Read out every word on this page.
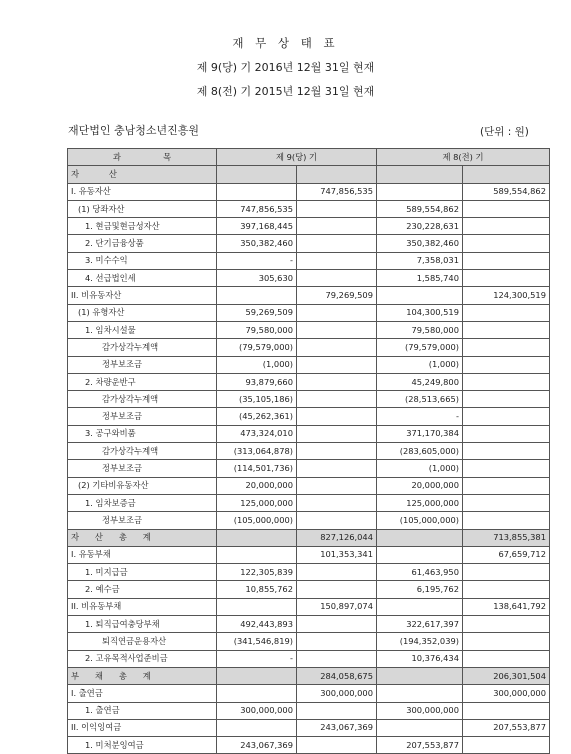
재 무 상 태 표
제 9(당) 기 2016년 12월 31일 현재
제 8(전) 기 2015년 12월 31일 현재
재단법인 충남청소년진흥원	(단위 : 원)
과                목	제 9(당) 기		제 8(전) 기	
자      산				
I. 유동자산		747,856,535		589,554,862
(1) 당좌자산	747,856,535		589,554,862	
1. 현금및현금성자산	397,168,445		230,228,631	
2. 단기금융상품	350,382,460		350,382,460	
3. 미수수익	-		7,358,031	
4. 선급법인세	305,630		1,585,740	
II. 비유동자산		79,269,509		124,300,519
(1) 유형자산	59,269,509		104,300,519	
1. 임차시설물	79,580,000		79,580,000	
감가상각누계액	(79,579,000)		(79,579,000)	
정부보조금	(1,000)		(1,000)	
2. 차량운반구	93,879,660		45,249,800	
감가상각누계액	(35,105,186)		(28,513,665)	
정부보조금	(45,262,361)		-	
3. 공구와비품	473,324,010		371,170,384	
감가상각누계액	(313,064,878)		(283,605,000)	
정부보조금	(114,501,736)		(1,000)	
(2) 기타비유동자산	20,000,000		20,000,000	
1. 임차보증금	125,000,000		125,000,000	
정부보조금	(105,000,000)		(105,000,000)	
자   산   총   계		827,126,044		713,855,381
I. 유동부채		101,353,341		67,659,712
1. 미지급금	122,305,839		61,463,950	
2. 예수금	10,855,762		6,195,762	
II. 비유동부채		150,897,074		138,641,792
1. 퇴직급여충당부채	492,443,893		322,617,397	
퇴직연금운용자산	(341,546,819)		(194,352,039)	
2. 고유목적사업준비금	-		10,376,434	
부   채   총   계		284,058,675		206,301,504
I. 출연금		300,000,000		300,000,000
1. 출연금	300,000,000		300,000,000	
II. 이익잉여금		243,067,369		207,553,877
1. 미처분잉여금	243,067,369		207,553,877	
